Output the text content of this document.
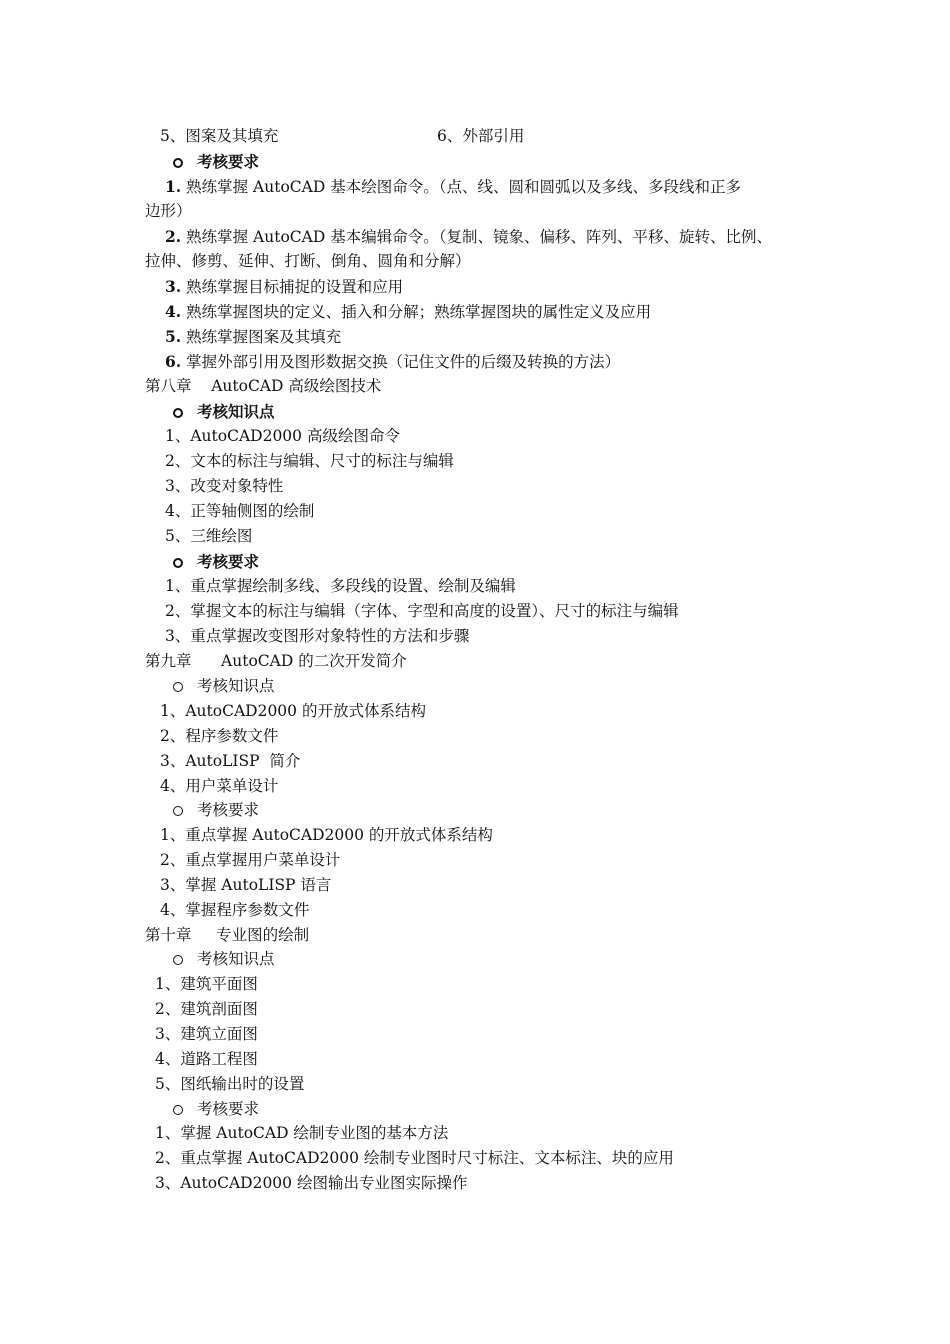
5、图案及其填充	6、外部引用
考核要求
1. 熟练掌握 AutoCAD 基本绘图命令。（点、线、圆和圆弧以及多线、多段线和正多
边形）
2. 熟练掌握 AutoCAD 基本编辑命令。（复制、镜象、偏移、阵列、平移、旋转、比例、
拉伸、修剪、延伸、打断、倒角、圆角和分解）
3. 熟练掌握目标捕捉的设置和应用
4. 熟练掌握图块的定义、插入和分解；熟练掌握图块的属性定义及应用
5. 熟练掌握图案及其填充
6. 掌握外部引用及图形数据交换（记住文件的后缀及转换的方法）
第八章    AutoCAD 高级绘图技术
考核知识点
1、AutoCAD2000 高级绘图命令
2、文本的标注与编辑、尺寸的标注与编辑
3、改变对象特性
4、正等轴侧图的绘制
5、三维绘图
考核要求
1、重点掌握绘制多线、多段线的设置、绘制及编辑
2、掌握文本的标注与编辑（字体、字型和高度的设置）、尺寸的标注与编辑
3、重点掌握改变图形对象特性的方法和步骤
第九章      AutoCAD 的二次开发简介
考核知识点
1、AutoCAD2000 的开放式体系结构
2、程序参数文件
3、AutoLISP  简介
4、用户菜单设计
考核要求
1、重点掌握 AutoCAD2000 的开放式体系结构
2、重点掌握用户菜单设计
3、掌握 AutoLISP 语言
4、掌握程序参数文件
第十章     专业图的绘制
考核知识点
1、建筑平面图
2、建筑剖面图
3、建筑立面图
4、道路工程图
5、图纸输出时的设置
考核要求
1、掌握 AutoCAD 绘制专业图的基本方法
2、重点掌握 AutoCAD2000 绘制专业图时尺寸标注、文本标注、块的应用
3、AutoCAD2000 绘图输出专业图实际操作
